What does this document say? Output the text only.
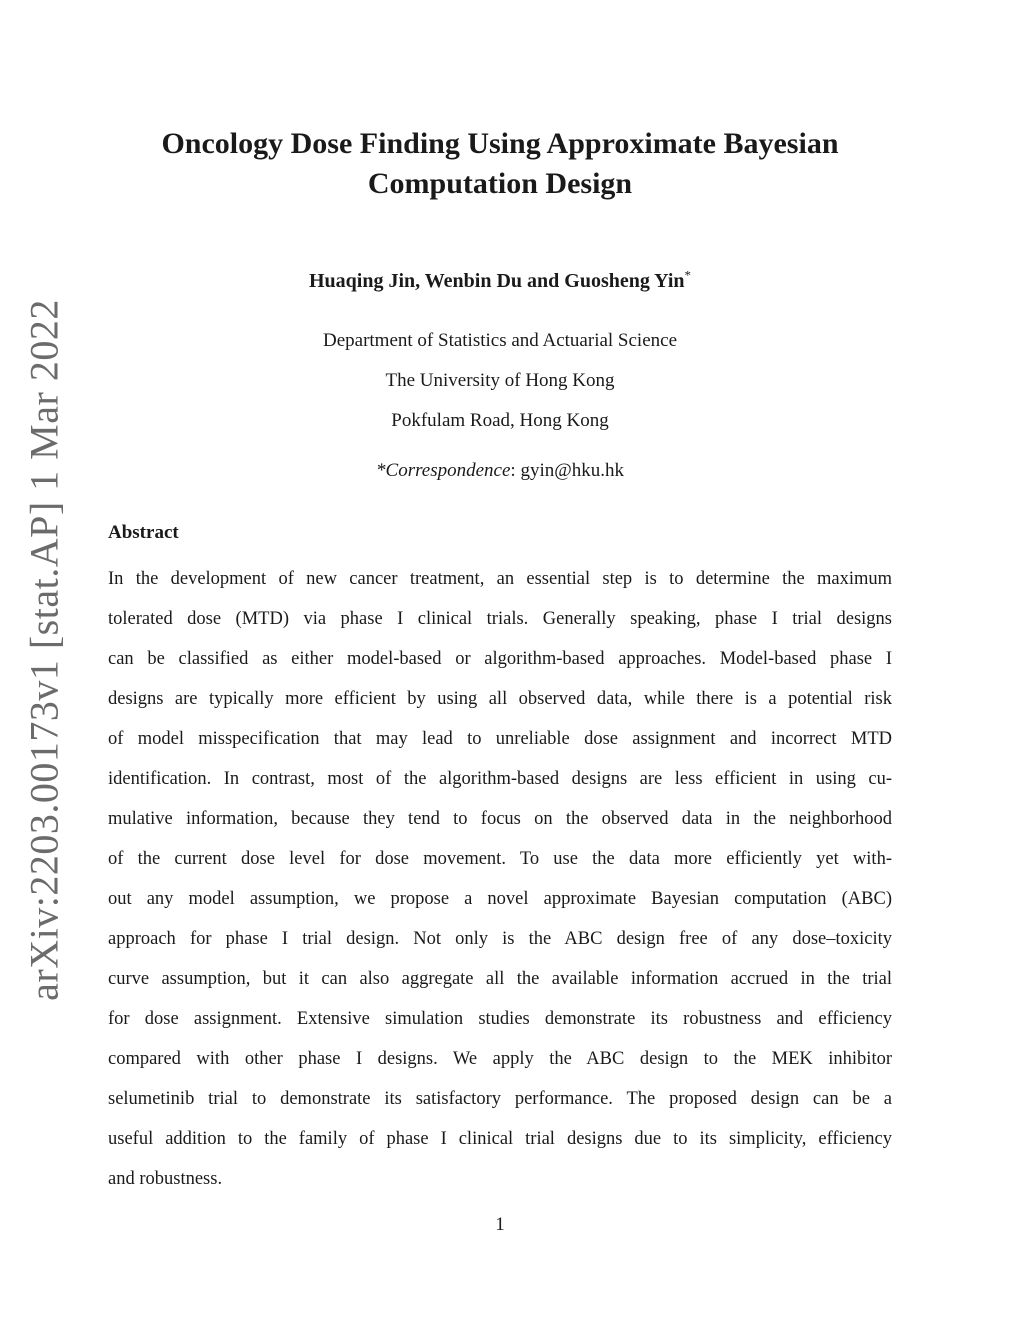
arXiv:2203.00173v1 [stat.AP] 1 Mar 2022
Oncology Dose Finding Using Approximate Bayesian Computation Design
Huaqing Jin, Wenbin Du and Guosheng Yin*
Department of Statistics and Actuarial Science
The University of Hong Kong
Pokfulam Road, Hong Kong
*Correspondence: gyin@hku.hk
Abstract
In the development of new cancer treatment, an essential step is to determine the maximum
tolerated dose (MTD) via phase I clinical trials. Generally speaking, phase I trial designs
can be classified as either model-based or algorithm-based approaches. Model-based phase I
designs are typically more efficient by using all observed data, while there is a potential risk
of model misspecification that may lead to unreliable dose assignment and incorrect MTD
identification. In contrast, most of the algorithm-based designs are less efficient in using cu-
mulative information, because they tend to focus on the observed data in the neighborhood
of the current dose level for dose movement. To use the data more efficiently yet with-
out any model assumption, we propose a novel approximate Bayesian computation (ABC)
approach for phase I trial design. Not only is the ABC design free of any dose–toxicity
curve assumption, but it can also aggregate all the available information accrued in the trial
for dose assignment. Extensive simulation studies demonstrate its robustness and efficiency
compared with other phase I designs. We apply the ABC design to the MEK inhibitor
selumetinib trial to demonstrate its satisfactory performance. The proposed design can be a
useful addition to the family of phase I clinical trial designs due to its simplicity, efficiency
and robustness.
1
